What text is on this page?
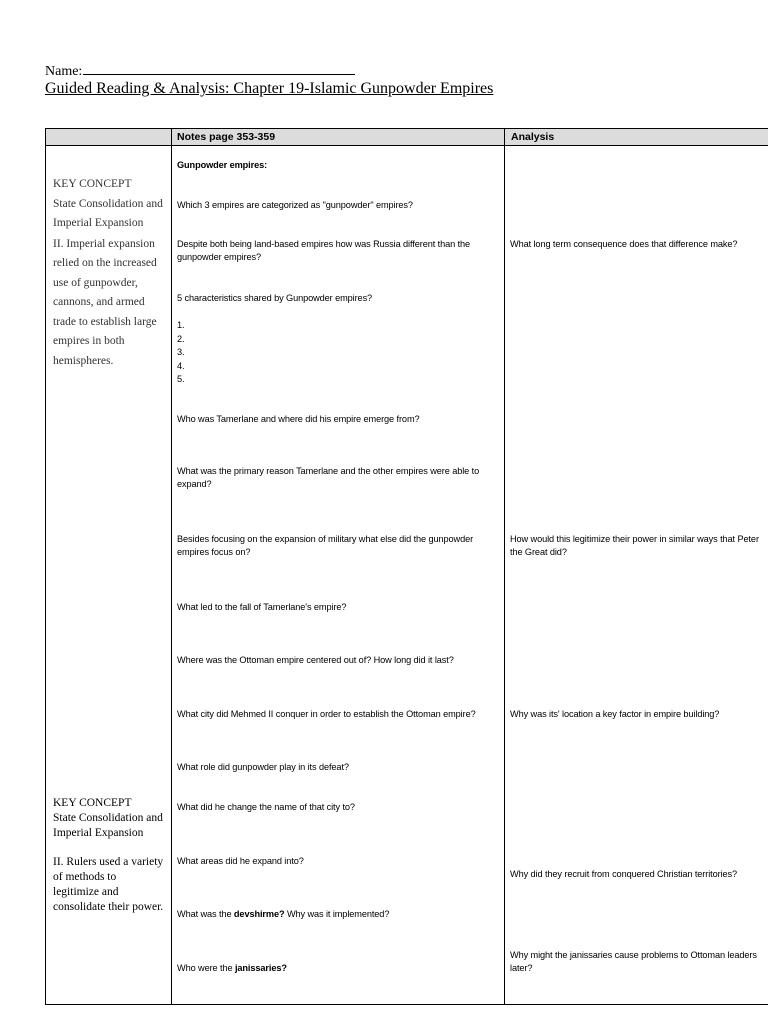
Name:
Guided Reading & Analysis: Chapter 19-Islamic Gunpowder Empires
Notes page 353-359	Analysis
KEY CONCEPT
State Consolidation and Imperial Expansion
II. Imperial expansion relied on the increased use of gunpowder, cannons, and armed trade to establish large empires in both hemispheres.
KEY CONCEPT
State Consolidation and Imperial Expansion
II. Rulers used a variety of methods to legitimize and consolidate their power.
Gunpowder empires:
Which 3 empires are categorized as "gunpowder" empires?
Despite both being land-based empires how was Russia different than the gunpowder empires?
5 characteristics shared by Gunpowder empires?
1.
2.
3.
4.
5.
Who was Tamerlane and where did his empire emerge from?
What was the primary reason Tamerlane and the other empires were able to expand?
Besides focusing on the expansion of military what else did the gunpowder empires focus on?
What led to the fall of Tamerlane's empire?
Where was the Ottoman empire centered out of? How long did it last?
What city did Mehmed II conquer in order to establish the Ottoman empire?
What role did gunpowder play in its defeat?
What did he change the name of that city to?
What areas did he expand into?
What was the devshirme? Why was it implemented?
Who were the janissaries?
What long term consequence does that difference make?
How would this legitimize their power in similar ways that Peter the Great did?
Why was its' location a key factor in empire building?
Why did they recruit from conquered Christian territories?
Why might the janissaries cause problems to Ottoman leaders later?
